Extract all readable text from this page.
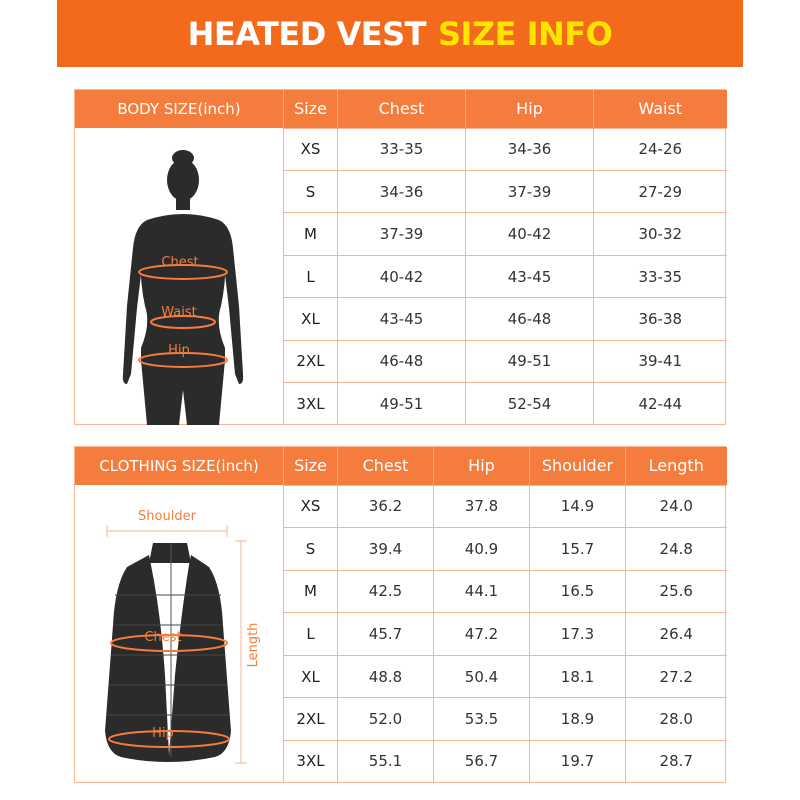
HEATED VEST SIZE INFO
BODY SIZE(inch)
Chest
Waist
Hip
Size	Chest	Hip	Waist
XS	33-35	34-36	24-26
S	34-36	37-39	27-29
M	37-39	40-42	30-32
L	40-42	43-45	33-35
XL	43-45	46-48	36-38
2XL	46-48	49-51	39-41
3XL	49-51	52-54	42-44
CLOTHING SIZE(inch)
Shoulder
Chest
Hip
Length
Size	Chest	Hip	Shoulder	Length
XS	36.2	37.8	14.9	24.0
S	39.4	40.9	15.7	24.8
M	42.5	44.1	16.5	25.6
L	45.7	47.2	17.3	26.4
XL	48.8	50.4	18.1	27.2
2XL	52.0	53.5	18.9	28.0
3XL	55.1	56.7	19.7	28.7
